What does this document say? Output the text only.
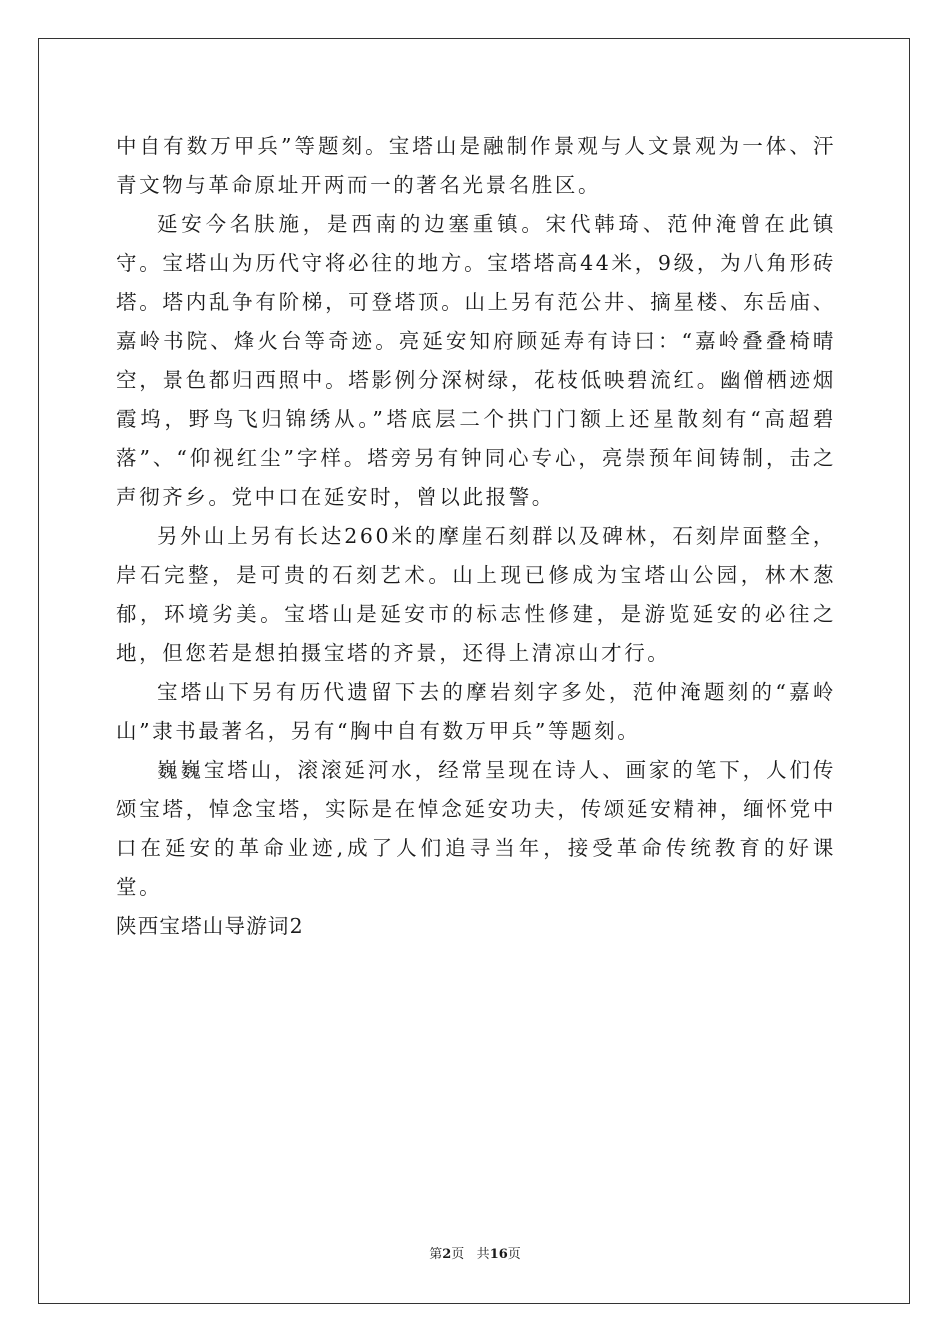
中自有数万甲兵”等题刻。宝塔山是融制作景观与人文景观为一体、汗青文物与革命原址开两而一的著名光景名胜区。

延安今名肤施，是西南的边塞重镇。宋代韩琦、范仲淹曾在此镇守。宝塔山为历代守将必往的地方。宝塔塔高44米，9级，为八角形砖塔。塔内乱争有阶梯，可登塔顶。山上另有范公井、摘星楼、东岳庙、嘉岭书院、烽火台等奇迹。亮延安知府顾延寿有诗曰：“嘉岭叠叠椅晴空，景色都归西照中。塔影例分深树绿，花枝低映碧流红。幽僧栖迹烟霞坞，野鸟飞归锦绣从。”塔底层二个拱门门额上还星散刻有“高超碧落”、“仰视红尘”字样。塔旁另有钟同心专心，亮崇预年间铸制，击之声彻齐乡。党中口在延安时，曾以此报警。

另外山上另有长达260米的摩崖石刻群以及碑林，石刻岸面整全，岸石完整，是可贵的石刻艺术。山上现已修成为宝塔山公园，林木葱郁，环境劣美。宝塔山是延安市的标志性修建，是游览延安的必往之地，但您若是想拍摄宝塔的齐景，还得上清凉山才行。

宝塔山下另有历代遗留下去的摩岩刻字多处，范仲淹题刻的“嘉岭山”隶书最著名，另有“胸中自有数万甲兵”等题刻。

巍巍宝塔山，滚滚延河水，经常呈现在诗人、画家的笔下，人们传颂宝塔，悼念宝塔，实际是在悼念延安功夫，传颂延安精神，缅怀党中口在延安的革命业迹,成了人们追寻当年，接受革命传统教育的好课堂。

陕西宝塔山导游词2

第2页 共16页
